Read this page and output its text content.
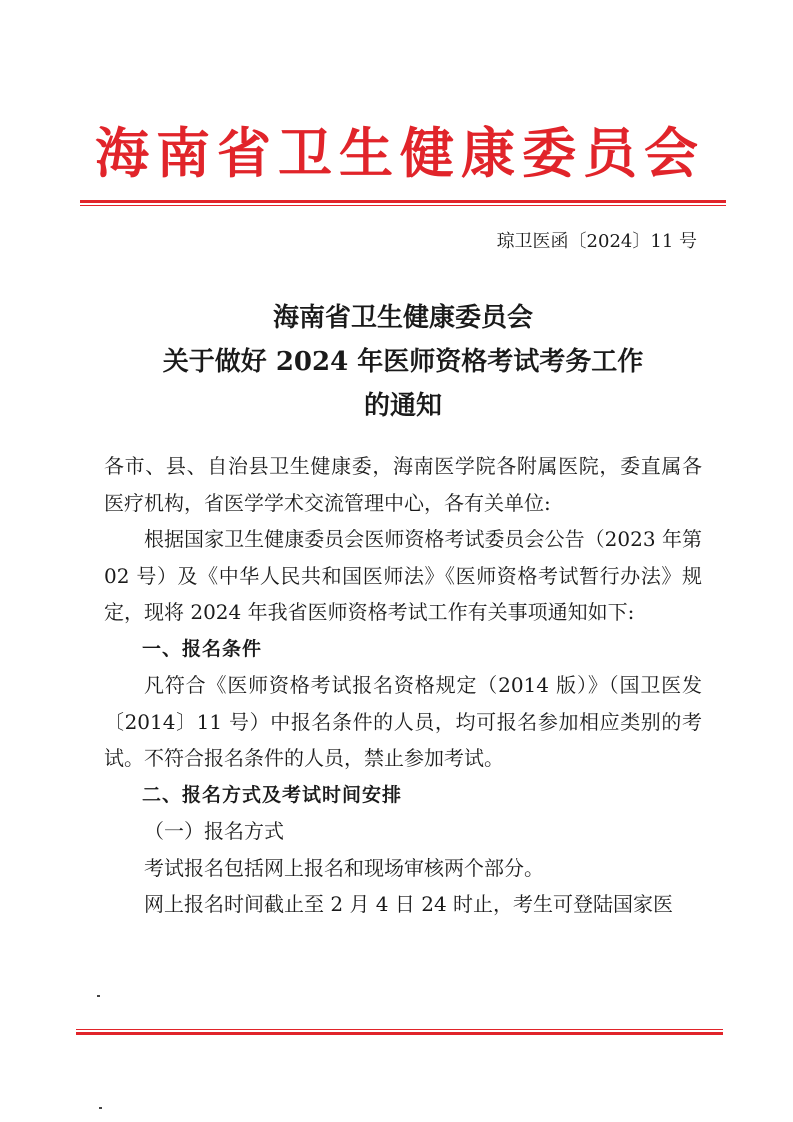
海南省卫生健康委员会
琼卫医函〔2024〕11 号
海南省卫生健康委员会
关于做好 2024 年医师资格考试考务工作
的通知

各市、县、自治县卫生健康委，海南医学院各附属医院，委直属各医疗机构，省医学学术交流管理中心，各有关单位:

根据国家卫生健康委员会医师资格考试委员会公告（2023 年第 02 号）及《中华人民共和国医师法》《医师资格考试暂行办法》规定，现将 2024 年我省医师资格考试工作有关事项通知如下:

一、报名条件

凡符合《医师资格考试报名资格规定（2014 版）》（国卫医发〔2014〕11 号）中报名条件的人员，均可报名参加相应类别的考试。不符合报名条件的人员，禁止参加考试。

二、报名方式及考试时间安排

（一）报名方式

考试报名包括网上报名和现场审核两个部分。

网上报名时间截止至 2 月 4 日 24 时止，考生可登陆国家医
